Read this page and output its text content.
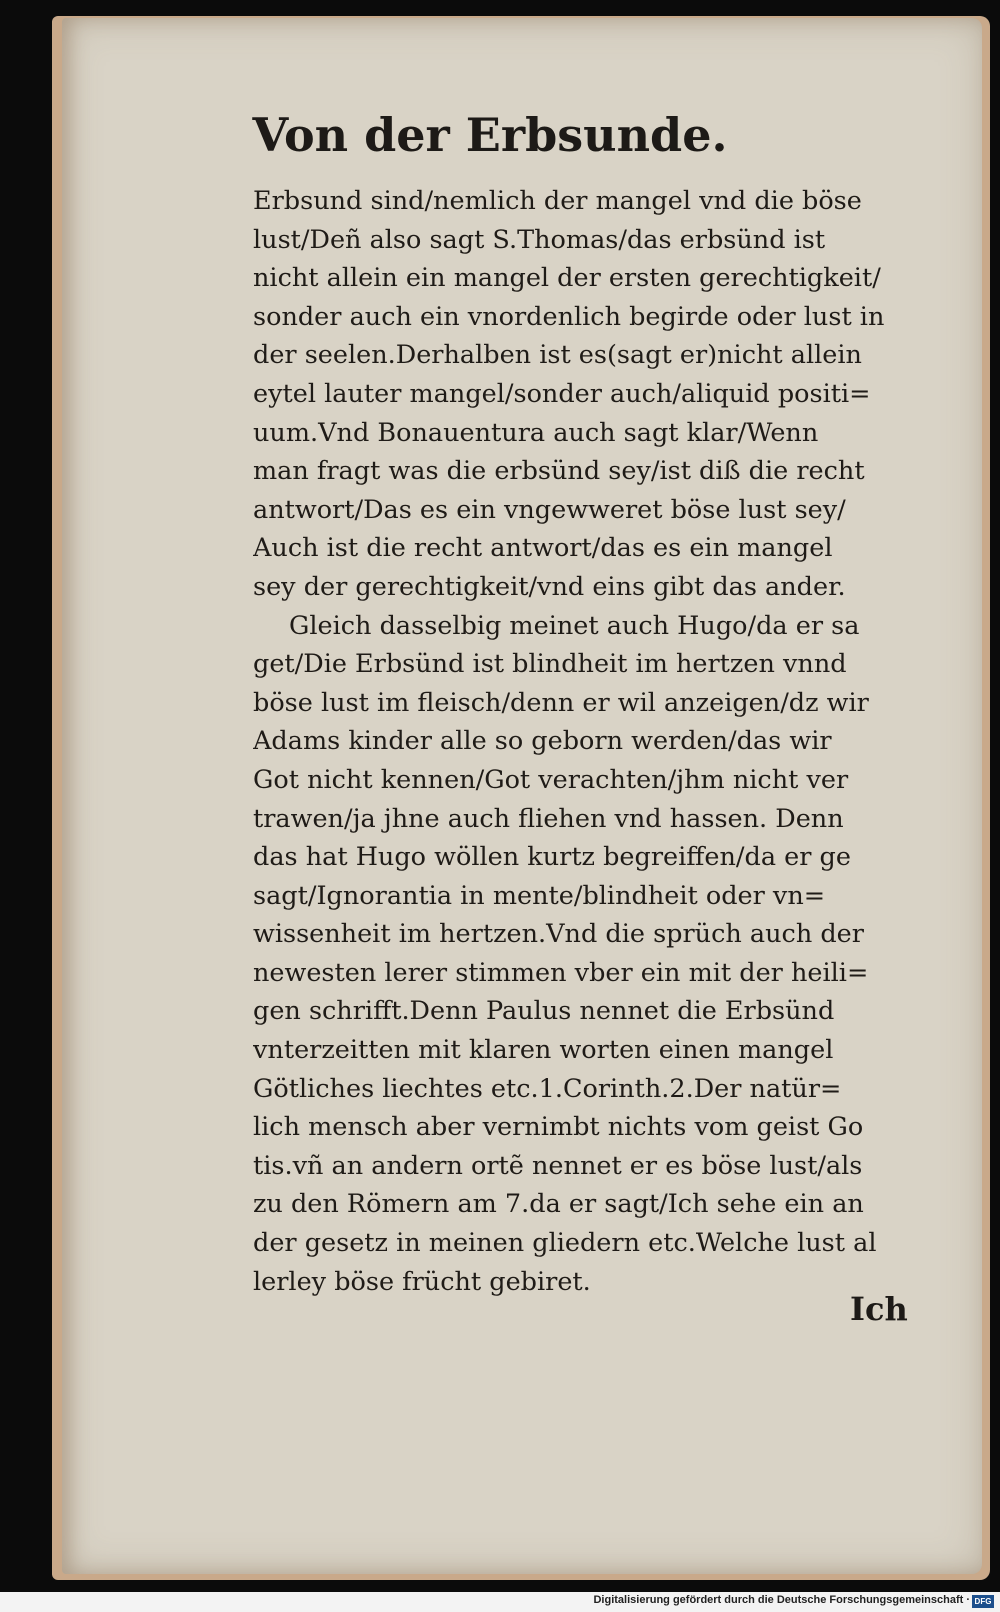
Von der Erbsunde.
Erbsund sind/nemlich der mangel vnd die böse
lust/Deñ also sagt S.Thomas/das erbsünd ist
nicht allein ein mangel der ersten gerechtigkeit/
sonder auch ein vnordenlich begirde oder lust in
der seelen.Derhalben ist es(sagt er)nicht allein
eytel lauter mangel/sonder auch/aliquid positi=
uum.Vnd Bonauentura auch sagt klar/Wenn
man fragt was die erbsünd sey/ist diß die recht
antwort/Das es ein vngewweret böse lust sey/
Auch ist die recht antwort/das es ein mangel
sey der gerechtigkeit/vnd eins gibt das ander.
Gleich dasselbig meinet auch Hugo/da er sa
get/Die Erbsünd ist blindheit im hertzen vnnd
böse lust im fleisch/denn er wil anzeigen/dz wir
Adams kinder alle so geborn werden/das wir
Got nicht kennen/Got verachten/jhm nicht ver
trawen/ja jhne auch fliehen vnd hassen. Denn
das hat Hugo wöllen kurtz begreiffen/da er ge
sagt/Ignorantia in mente/blindheit oder vn=
wissenheit im hertzen.Vnd die sprüch auch der
newesten lerer stimmen vber ein mit der heili=
gen schrifft.Denn Paulus nennet die Erbsünd
vnterzeitten mit klaren worten einen mangel
Götliches liechtes etc.1.Corinth.2.Der natür=
lich mensch aber vernimbt nichts vom geist Go
tis.vñ an andern ortẽ nennet er es böse lust/als
zu den Römern am 7.da er sagt/Ich sehe ein an
der gesetz in meinen gliedern etc.Welche lust al
lerley böse frücht gebiret.
Ich
Digitalisierung gefördert durch die Deutsche Forschungsgemeinschaft · DFG
